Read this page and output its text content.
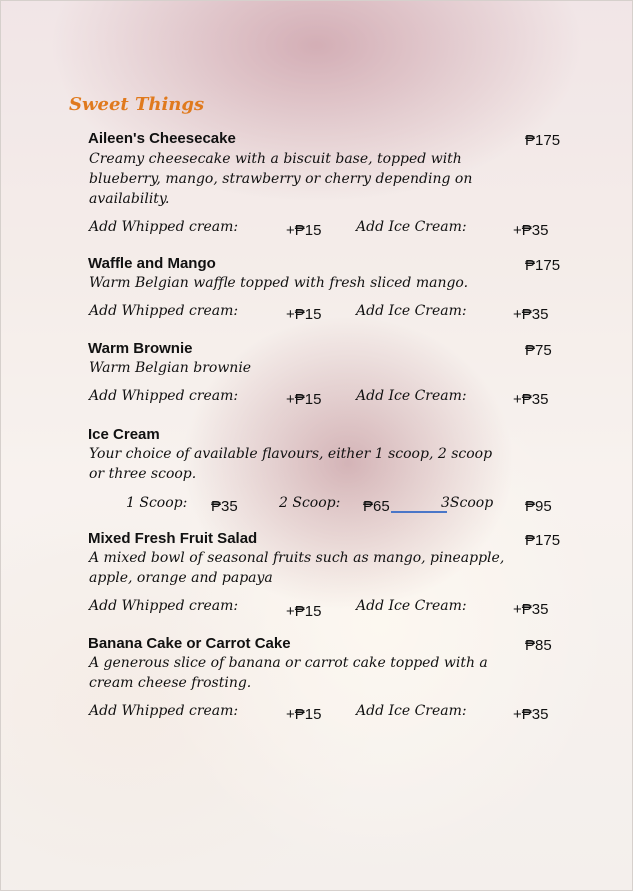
Sweet Things
Aileen's Cheesecake	₱175
Creamy cheesecake with a biscuit base, topped with
blueberry, mango, strawberry or cherry depending on
availability.
Add Whipped cream:	+₱15 Add Ice Cream:	+₱35
Waffle and Mango	₱175
Warm Belgian waffle topped with fresh sliced mango.
Add Whipped cream:	+₱15 Add Ice Cream:	+₱35
Warm Brownie	₱75
Warm Belgian brownie
Add Whipped cream:	+₱15 Add Ice Cream:	+₱35
Ice Cream
Your choice of available flavours, either 1 scoop, 2 scoop
or three scoop.
1 Scoop: ₱35	2 Scoop: ₱65	3Scoop ₱95
Mixed Fresh Fruit Salad	₱175
A mixed bowl of seasonal fruits such as mango, pineapple,
apple, orange and papaya
Add Whipped cream:	+₱15 Add Ice Cream:	+₱35
Banana Cake or Carrot Cake	₱85
A generous slice of banana or carrot cake topped with a
cream cheese frosting.
Add Whipped cream:	+₱15 Add Ice Cream:	+₱35
